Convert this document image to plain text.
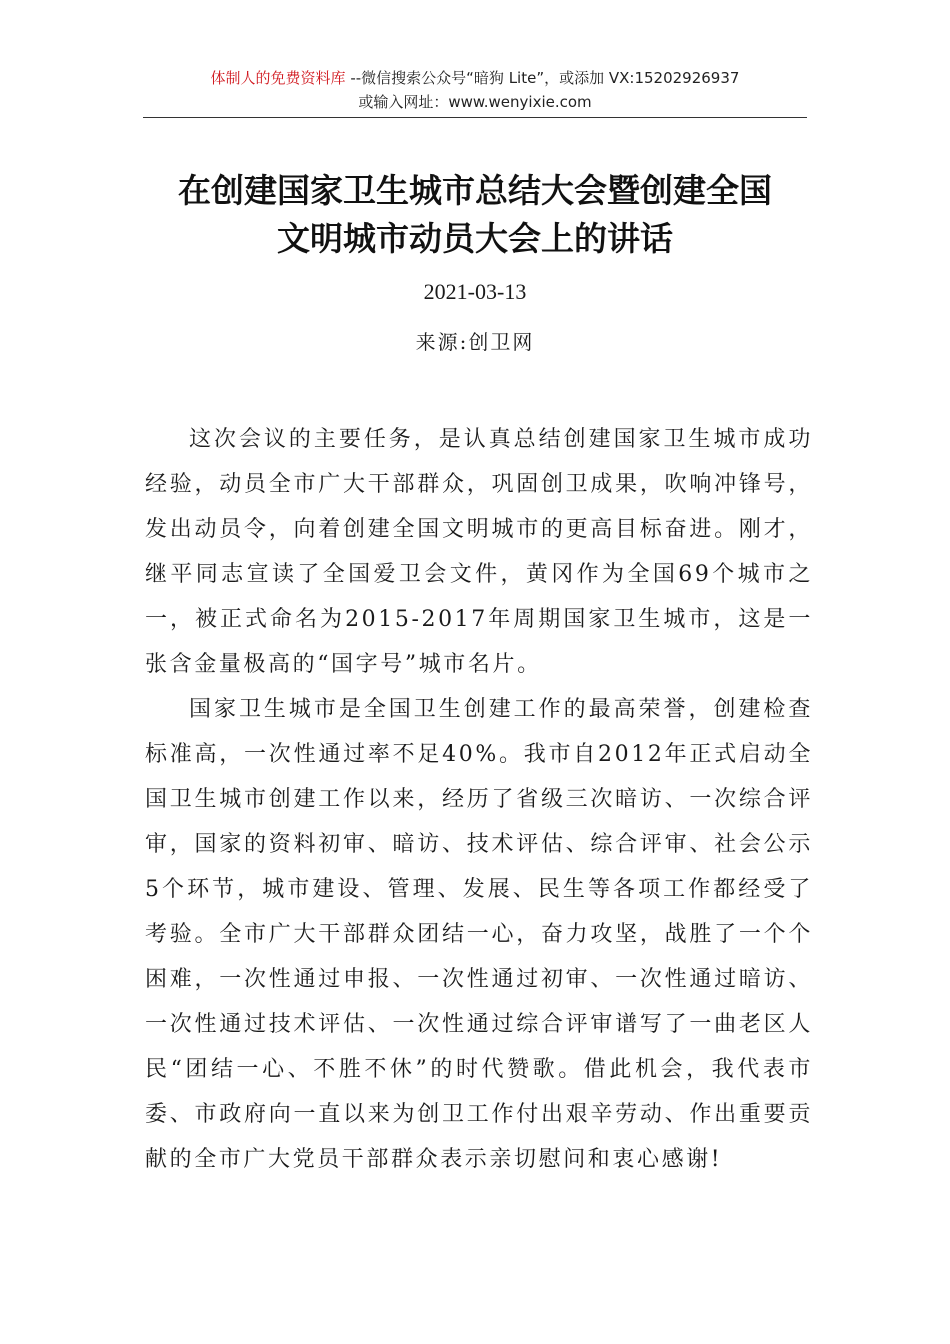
体制人的免费资料库 --微信搜索公众号“暗狗 Lite”，或添加 VX:15202926937
或输入网址：www.wenyixie.com
在创建国家卫生城市总结大会暨创建全国
文明城市动员大会上的讲话
2021-03-13
来源:创卫网

这次会议的主要任务，是认真总结创建国家卫生城市成功经验，动员全市广大干部群众，巩固创卫成果，吹响冲锋号，发出动员令，向着创建全国文明城市的更高目标奋进。刚才，继平同志宣读了全国爱卫会文件，黄冈作为全国69个城市之一，被正式命名为2015-2017年周期国家卫生城市，这是一张含金量极高的“国字号”城市名片。

国家卫生城市是全国卫生创建工作的最高荣誉，创建检查标准高，一次性通过率不足40%。我市自2012年正式启动全国卫生城市创建工作以来，经历了省级三次暗访、一次综合评审，国家的资料初审、暗访、技术评估、综合评审、社会公示5个环节，城市建设、管理、发展、民生等各项工作都经受了考验。全市广大干部群众团结一心，奋力攻坚，战胜了一个个困难，一次性通过申报、一次性通过初审、一次性通过暗访、一次性通过技术评估、一次性通过综合评审谱写了一曲老区人民“团结一心、不胜不休”的时代赞歌。借此机会，我代表市委、市政府向一直以来为创卫工作付出艰辛劳动、作出重要贡献的全市广大党员干部群众表示亲切慰问和衷心感谢!
